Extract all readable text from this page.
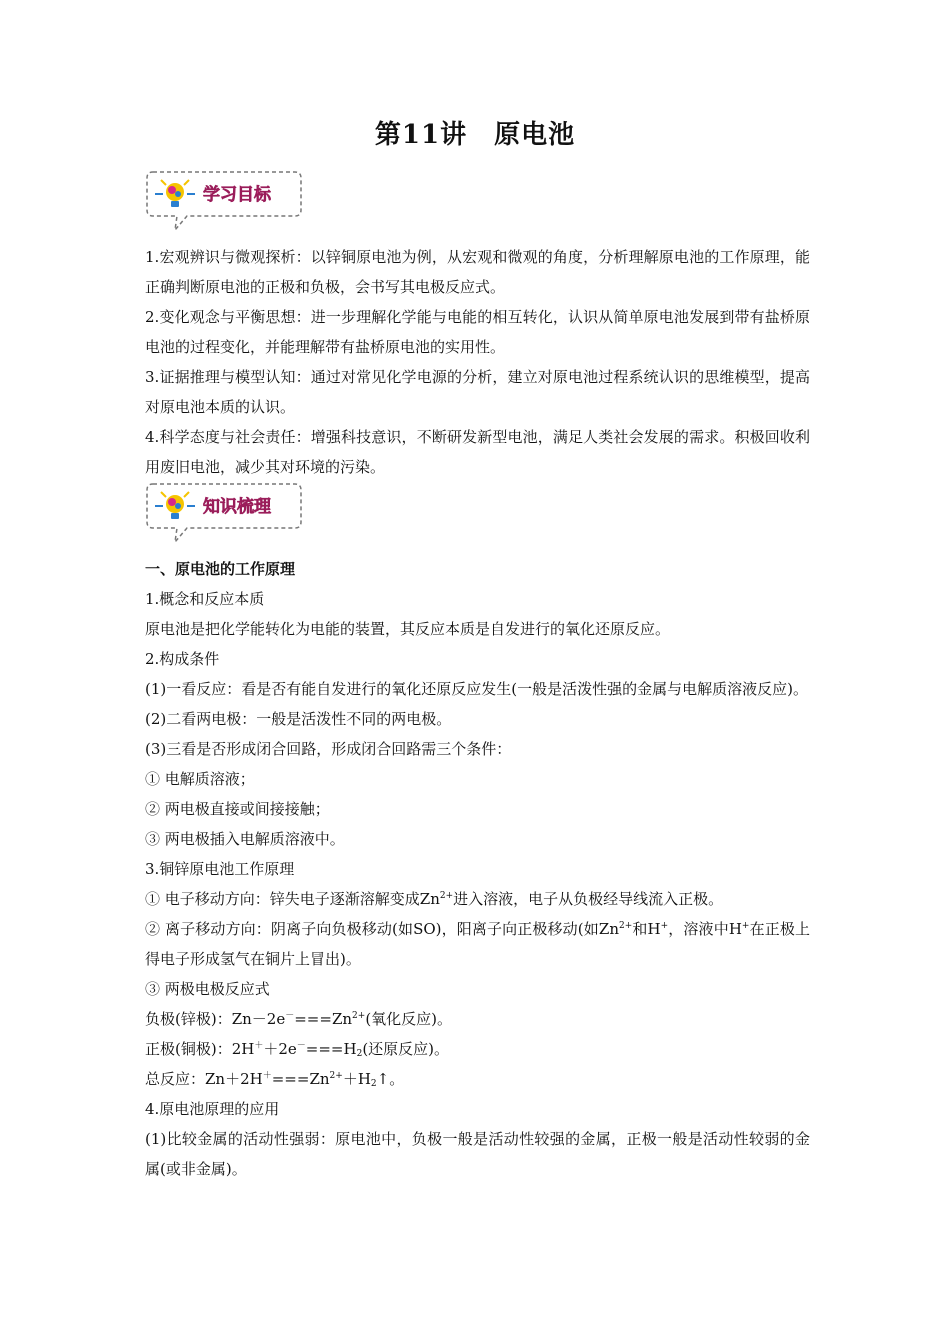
第11讲　原电池
学习目标

1.宏观辨识与微观探析：以锌铜原电池为例，从宏观和微观的角度，分析理解原电池的工作原理，能正确判断原电池的正极和负极，会书写其电极反应式。

2.变化观念与平衡思想：进一步理解化学能与电能的相互转化，认识从简单原电池发展到带有盐桥原电池的过程变化，并能理解带有盐桥原电池的实用性。

3.证据推理与模型认知：通过对常见化学电源的分析，建立对原电池过程系统认识的思维模型，提高对原电池本质的认识。

4.科学态度与社会责任：增强科技意识，不断研发新型电池，满足人类社会发展的需求。积极回收利用废旧电池，减少其对环境的污染。

知识梳理

一、原电池的工作原理

1.概念和反应本质

原电池是把化学能转化为电能的装置，其反应本质是自发进行的氧化还原反应。

2.构成条件

(1)一看反应：看是否有能自发进行的氧化还原反应发生(一般是活泼性强的金属与电解质溶液反应)。

(2)二看两电极：一般是活泼性不同的两电极。

(3)三看是否形成闭合回路，形成闭合回路需三个条件：

① 电解质溶液；

② 两电极直接或间接接触；

③ 两电极插入电解质溶液中。

3.铜锌原电池工作原理

① 电子移动方向：锌失电子逐渐溶解变成$Zn^{2+}$进入溶液，电子从负极经导线流入正极。

② 离子移动方向：阴离子向负极移动(如SO)，阳离子向正极移动(如$Zn^{2+}$和H+，溶液中H+在正极上得电子形成氢气在铜片上冒出)。

③ 两极电极反应式

负极(锌极)：$Zn-2e^-===Zn^{2+}$(氧化反应)。

正极(铜极)：$2H^++2e^-===H_2$(还原反应)。

总反应：$Zn+2H^+===Zn^{2+}+H_2↑$。

4.原电池原理的应用

(1)比较金属的活动性强弱：原电池中，负极一般是活动性较强的金属，正极一般是活动性较弱的金属(或非金属)。
